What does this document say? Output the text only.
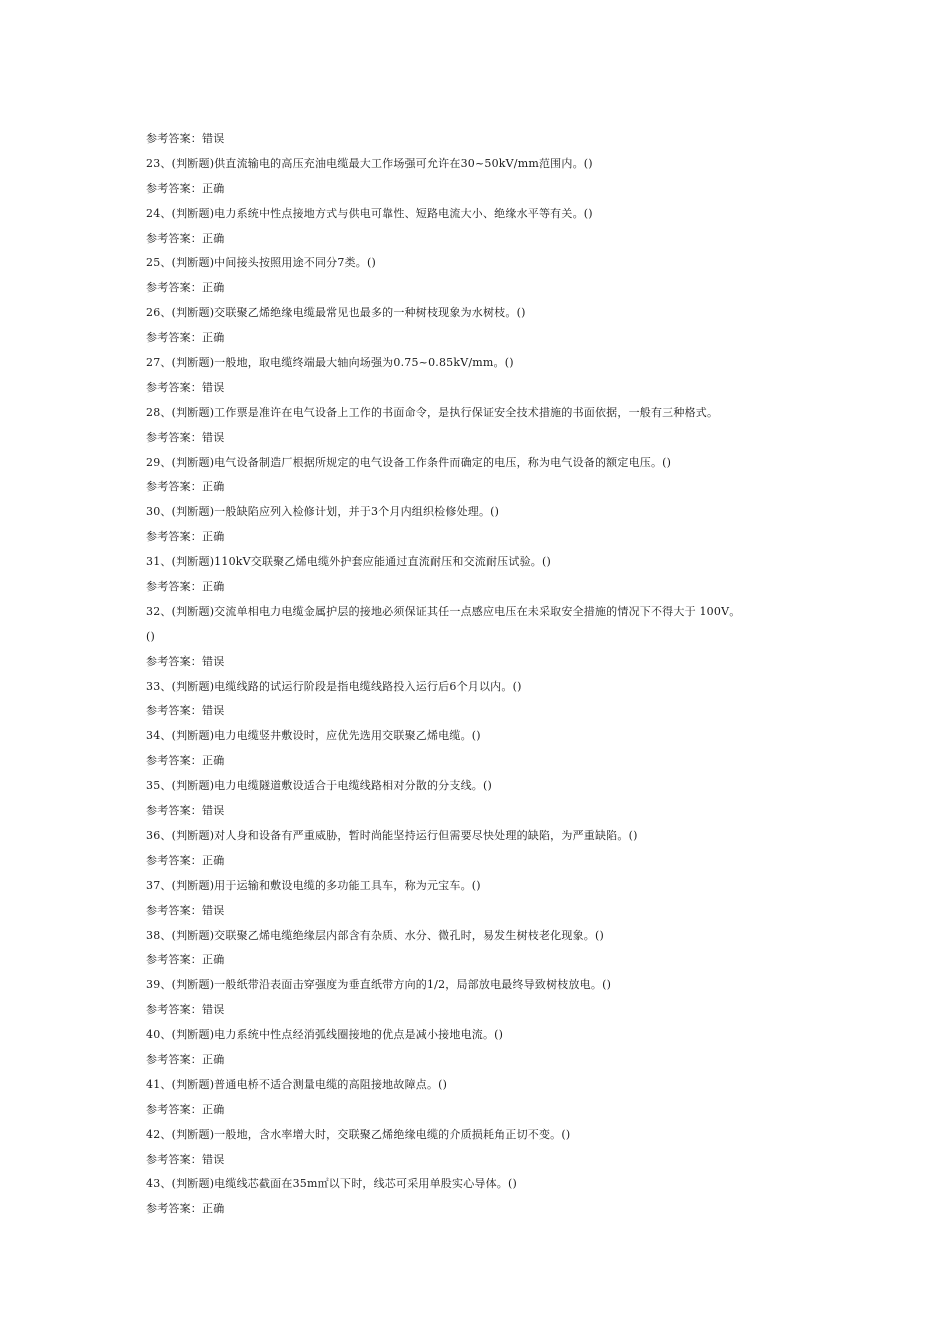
参考答案：错误
23、(判断题)供直流输电的高压充油电缆最大工作场强可允许在30~50kV/mm范围内。()
参考答案：正确
24、(判断题)电力系统中性点接地方式与供电可靠性、短路电流大小、绝缘水平等有关。()
参考答案：正确
25、(判断题)中间接头按照用途不同分7类。()
参考答案：正确
26、(判断题)交联聚乙烯绝缘电缆最常见也最多的一种树枝现象为水树枝。()
参考答案：正确
27、(判断题)一般地，取电缆终端最大轴向场强为0.75~0.85kV/mm。()
参考答案：错误
28、(判断题)工作票是准许在电气设备上工作的书面命令，是执行保证安全技术措施的书面依据，一般有三种格式。
参考答案：错误
29、(判断题)电气设备制造厂根据所规定的电气设备工作条件而确定的电压，称为电气设备的额定电压。()
参考答案：正确
30、(判断题)一般缺陷应列入检修计划，并于3个月内组织检修处理。()
参考答案：正确
31、(判断题)110kV交联聚乙烯电缆外护套应能通过直流耐压和交流耐压试验。()
参考答案：正确
32、(判断题)交流单相电力电缆金属护层的接地必须保证其任一点感应电压在未采取安全措施的情况下不得大于 100V。
()
参考答案：错误
33、(判断题)电缆线路的试运行阶段是指电缆线路投入运行后6个月以内。()
参考答案：错误
34、(判断题)电力电缆竖井敷设时，应优先选用交联聚乙烯电缆。()
参考答案：正确
35、(判断题)电力电缆隧道敷设适合于电缆线路相对分散的分支线。()
参考答案：错误
36、(判断题)对人身和设备有严重威胁，暂时尚能坚持运行但需要尽快处理的缺陷，为严重缺陷。()
参考答案：正确
37、(判断题)用于运输和敷设电缆的多功能工具车，称为元宝车。()
参考答案：错误
38、(判断题)交联聚乙烯电缆绝缘层内部含有杂质、水分、微孔时，易发生树枝老化现象。()
参考答案：正确
39、(判断题)一般纸带沿表面击穿强度为垂直纸带方向的1/2，局部放电最终导致树枝放电。()
参考答案：错误
40、(判断题)电力系统中性点经消弧线圈接地的优点是减小接地电流。()
参考答案：正确
41、(判断题)普通电桥不适合测量电缆的高阻接地故障点。()
参考答案：正确
42、(判断题)一般地，含水率增大时，交联聚乙烯绝缘电缆的介质损耗角正切不变。()
参考答案：错误
43、(判断题)电缆线芯截面在35m㎡以下时，线芯可采用单股实心导体。()
参考答案：正确
